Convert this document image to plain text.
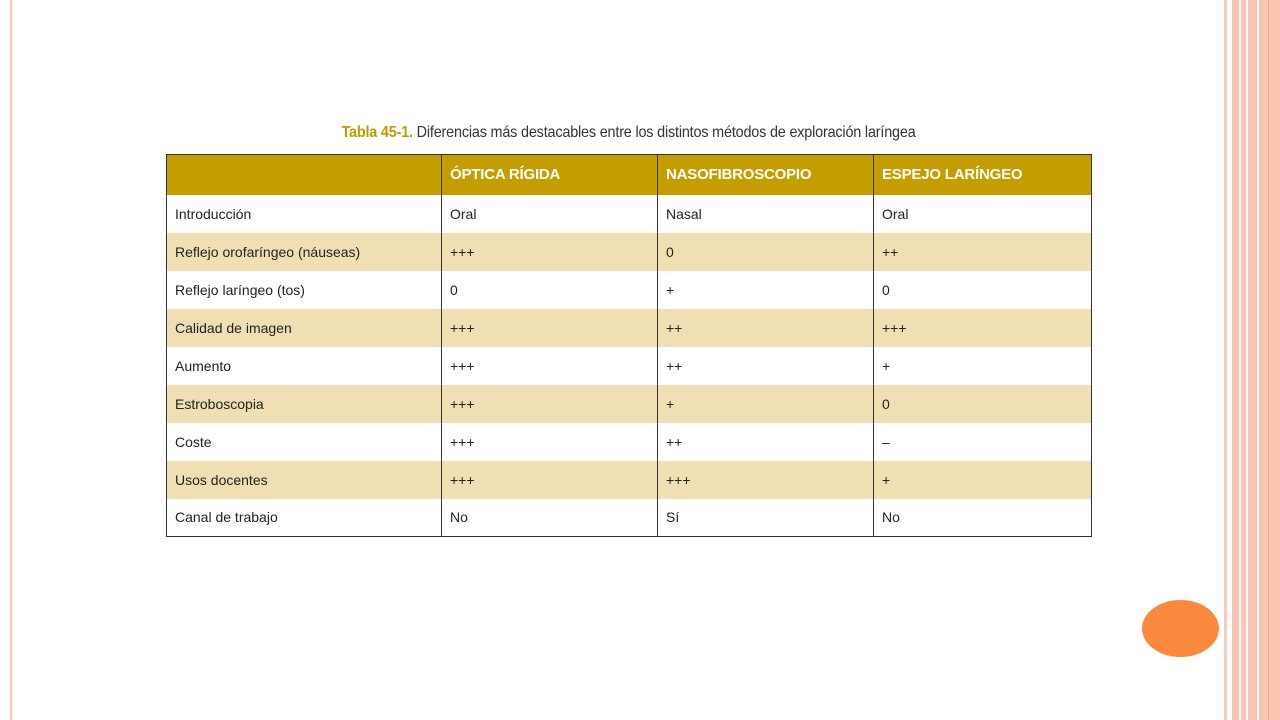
Tabla 45-1. Diferencias más destacables entre los distintos métodos de exploración laríngea
	ÓPTICA RÍGIDA	NASOFIBROSCOPIO	ESPEJO LARÍNGEO
Introducción	Oral	Nasal	Oral
Reflejo orofaríngeo (náuseas)	+++	0	++
Reflejo laríngeo (tos)	0	+	0
Calidad de imagen	+++	++	+++
Aumento	+++	++	+
Estroboscopia	+++	+	0
Coste	+++	++	–
Usos docentes	+++	+++	+
Canal de trabajo	No	Sí	No
